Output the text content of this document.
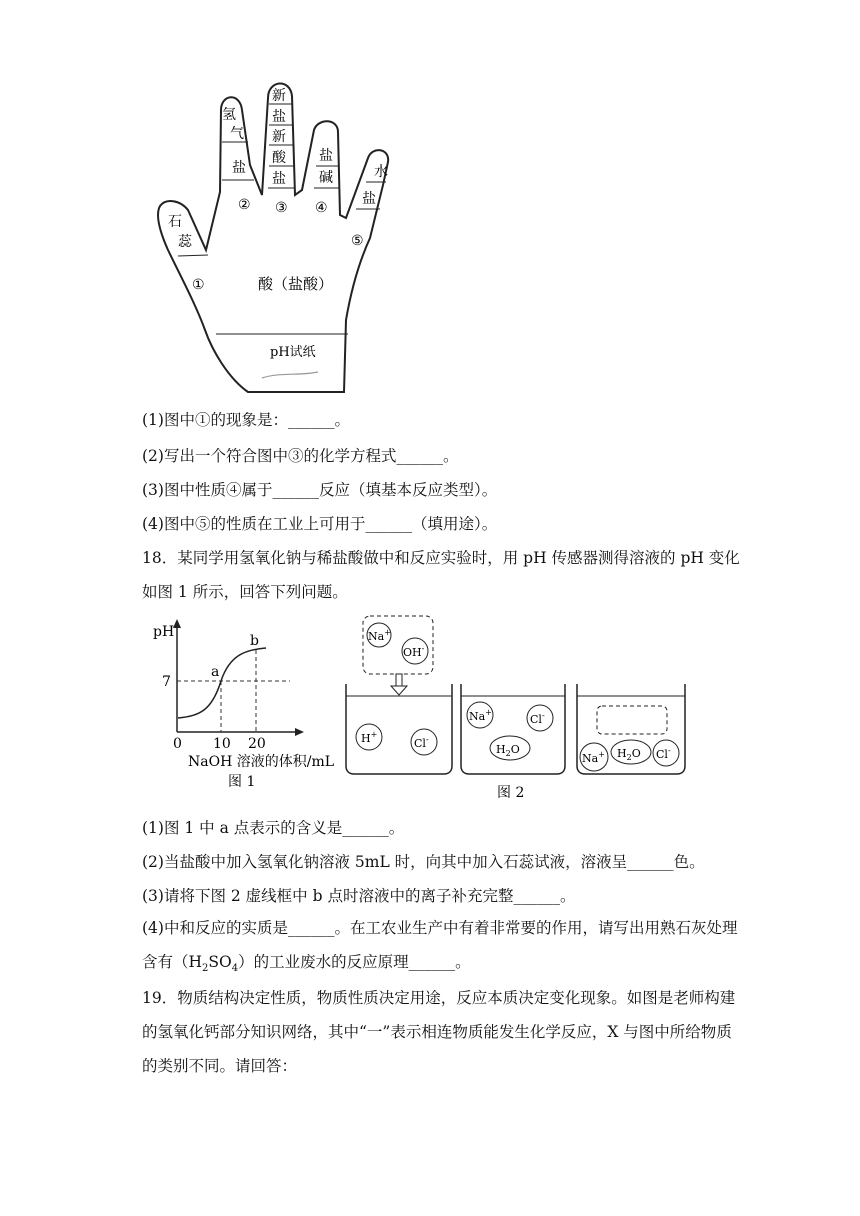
石
蕊
氢
气
盐
新
盐
新
酸
盐
盐
碱	水
盐
①
② ③ ④
⑤
酸（盐酸）
pH试纸
(1)图中①的现象是：______。
(2)写出一个符合图中③的化学方程式______。
(3)图中性质④属于______反应（填基本反应类型）。
(4)图中⑤的性质在工业上可用于______（填用途）。
18．某同学用氢氧化钠与稀盐酸做中和反应实验时，用 pH 传感器测得溶液的 pH 变化
如图 1 所示，回答下列问题。
pH
7
a
b
0 10 20
NaOH 溶液的体积/mL
图 1
Na+
OH-
H+
Cl-
Na+
Cl-
$H_2O$
Na+ $H_2O$ Cl-
图 2
(1)图 1 中 a 点表示的含义是______。
(2)当盐酸中加入氢氧化钠溶液 5mL 时，向其中加入石蕊试液，溶液呈______色。
(3)请将下图 2 虚线框中 b 点时溶液中的离子补充完整______。
(4)中和反应的实质是______。在工农业生产中有着非常要的作用，请写出用熟石灰处理
含有$(H_2SO_4)$的工业废水的反应原理______。
19．物质结构决定性质，物质性质决定用途，反应本质决定变化现象。如图是老师构建
的氢氧化钙部分知识网络，其中“一”表示相连物质能发生化学反应，X 与图中所给物质
的类别不同。请回答：
